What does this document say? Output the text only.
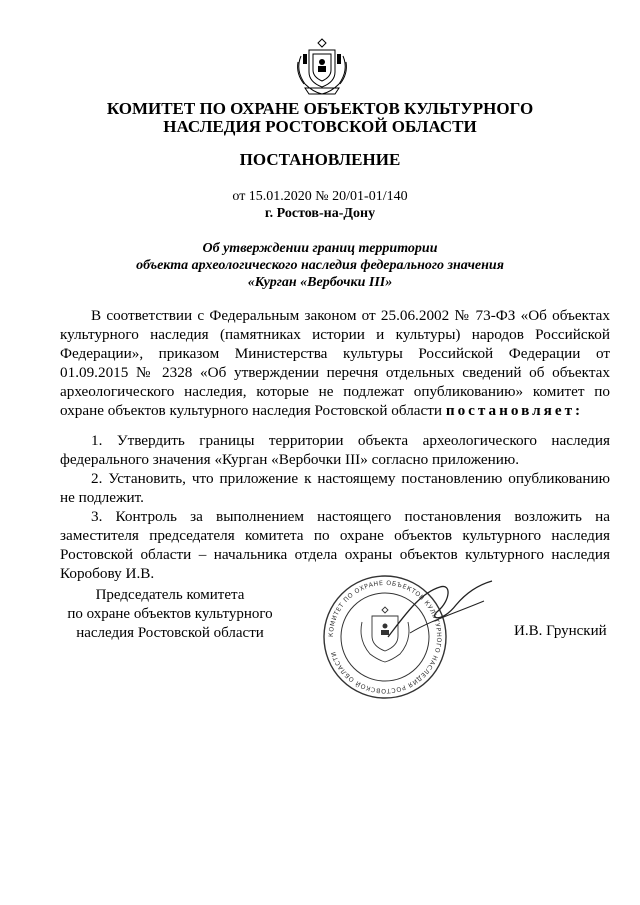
КОМИТЕТ ПО ОХРАНЕ ОБЪЕКТОВ КУЛЬТУРНОГО
НАСЛЕДИЯ РОСТОВСКОЙ ОБЛАСТИ
ПОСТАНОВЛЕНИЕ
от 15.01.2020 № 20/01-01/140
г. Ростов-на-Дону
Об утверждении границ территории
объекта археологического наследия федерального значения
«Курган «Вербочки III»
В соответствии с Федеральным законом от 25.06.2002 № 73-ФЗ «Об объектах культурного наследия (памятниках истории и культуры) народов Российской Федерации», приказом Министерства культуры Российской Федерации от 01.09.2015 № 2328 «Об утверждении перечня отдельных сведений об объектах археологического наследия, которые не подлежат опубликованию» комитет по охране объектов культурного наследия Ростовской области постановляет:

1. Утвердить границы территории объекта археологического наследия федерального значения «Курган «Вербочки III» согласно приложению.

2. Установить, что приложение к настоящему постановлению опубликованию не подлежит.

3. Контроль за выполнением настоящего постановления возложить на заместителя председателя комитета по охране объектов культурного наследия Ростовской области – начальника отдела охраны объектов культурного наследия Коробову И.В.

Председатель комитета
по охране объектов культурного
наследия Ростовской области	КОМИТЕТ ПО ОХРАНЕ ОБЪЕКТОВ КУЛЬТУРНОГО НАСЛЕДИЯ РОСТОВСКОЙ ОБЛАСТИ
И.В. Грунский
